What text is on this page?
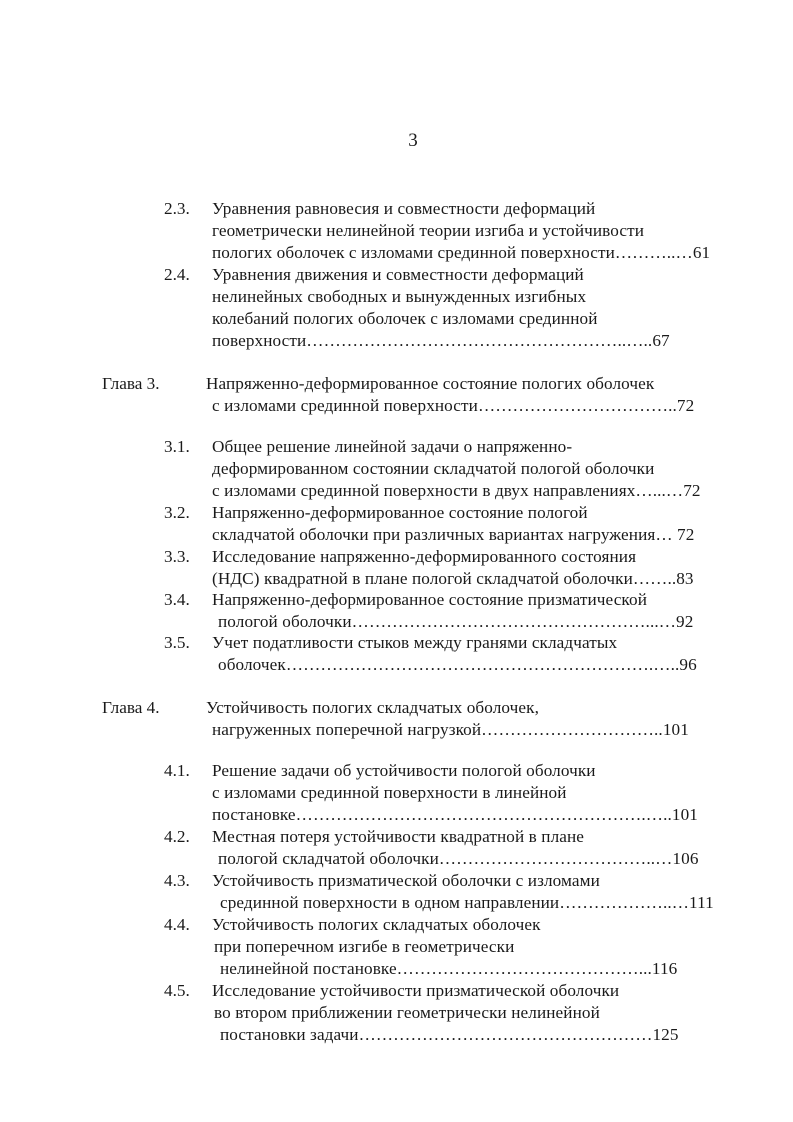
3
2.3. Уравнения равновесия и совместности деформаций
геометрически нелинейной теории изгиба и устойчивости
пологих оболочек с изломами срединной поверхности………..…61
2.4. Уравнения движения и совместности деформаций
нелинейных свободных и вынужденных изгибных
колебаний пологих оболочек с изломами срединной
поверхности………………………………………………..…..67
Глава 3.	Напряженно-деформированное состояние пологих оболочек
с изломами срединной поверхности……………………………..72
3.1. Общее решение линейной задачи о напряженно-
деформированном состоянии складчатой пологой оболочки
с изломами срединной поверхности в двух направлениях…...…72
3.2. Напряженно-деформированное состояние пологой
складчатой оболочки при различных вариантах нагружения… 72
3.3. Исследование напряженно-деформированного состояния
(НДС) квадратной в плане пологой складчатой оболочки……..83
3.4. Напряженно-деформированное состояние призматической
пологой оболочки……………………………………………...…92
3.5. Учет податливости стыков между гранями складчатых
оболочек……………………………………………………….…..96
Глава 4.	Устойчивость пологих складчатых оболочек,
нагруженных поперечной нагрузкой…………………………..101
4.1. Решение задачи об устойчивости пологой оболочки
с изломами срединной поверхности в линейной
постановке…………………………………………………….…..101
4.2. Местная потеря устойчивости квадратной в плане
пологой складчатой оболочки………………………………..…106
4.3. Устойчивость призматической оболочки с изломами
срединной поверхности в одном направлении………………..…111
4.4. Устойчивость пологих складчатых оболочек
при поперечном изгибе в геометрически
нелинейной постановке……………………………………...116
4.5. Исследование устойчивости призматической оболочки
во втором приближении геометрически нелинейной
постановки задачи……………………………………………125
